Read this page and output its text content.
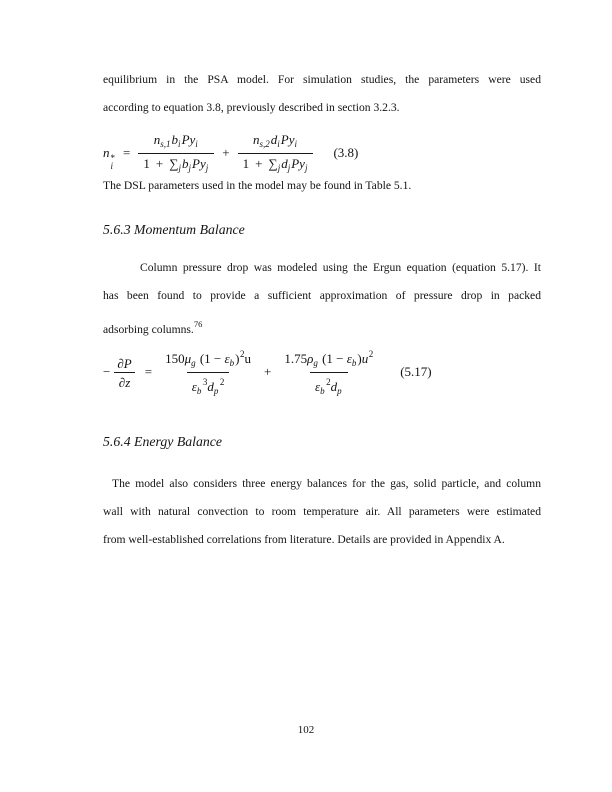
equilibrium in the PSA model. For simulation studies, the parameters were used
according to equation 3.8, previously described in section 3.2.3.
n *
i
= $\frac{n_{s,1}b_iPy_i}{1 + \sum_jb_jPy_j} + \frac{n_{s,2}d_iPy_i}{1 + \sum_jd_jPy_j} (3.8)$
The DSL parameters used in the model may be found in Table 5.1.
5.6.3 Momentum Balance
Column pressure drop was modeled using the Ergun equation (equation 5.17). It
has been found to provide a sufficient approximation of pressure drop in packed
adsorbing columns.$^{76}$
− $\frac{\partial P}{\partial z} = \frac{150\mu_g (1 - \varepsilon_b)^2u}{\varepsilon_b^3d_p^2} + \frac{1.75\rho_g (1 - \varepsilon_b)u^2}{\varepsilon_b^2d_p} (5.17)$
5.6.4 Energy Balance
The model also considers three energy balances for the gas, solid particle, and column
wall with natural convection to room temperature air. All parameters were estimated
from well-established correlations from literature. Details are provided in Appendix A.
102
